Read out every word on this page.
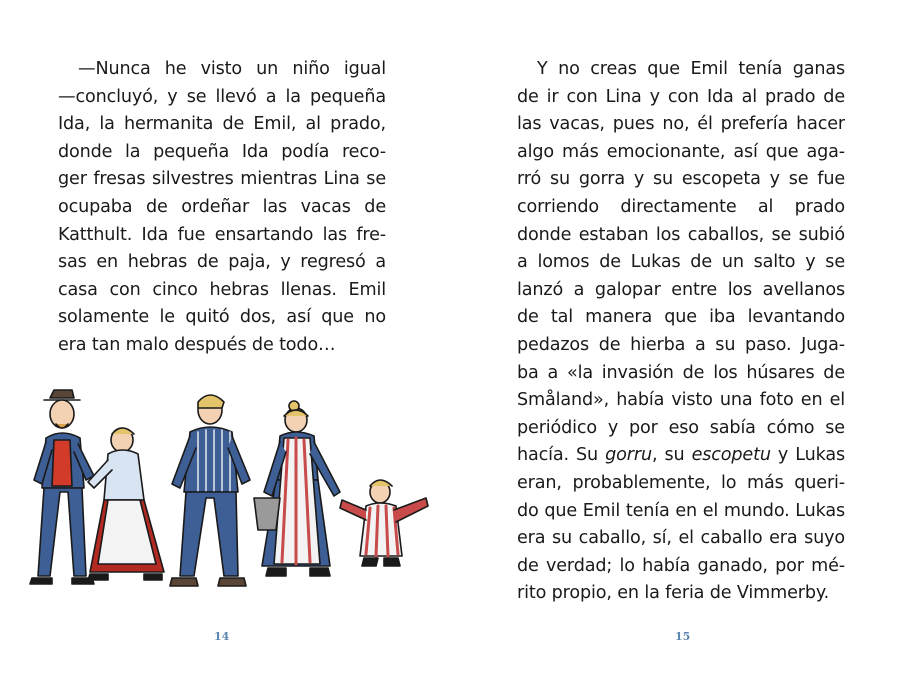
—Nunca he visto un niño igual
—concluyó, y se llevó a la pequeña
Ida, la hermanita de Emil, al prado,
donde la pequeña Ida podía reco-
ger fresas silvestres mientras Lina se
ocupaba de ordeñar las vacas de
Katthult. Ida fue ensartando las fre-
sas en hebras de paja, y regresó a
casa con cinco hebras llenas. Emil
solamente le quitó dos, así que no
era tan malo después de todo…
14
Y no creas que Emil tenía ganas
de ir con Lina y con Ida al prado de
las vacas, pues no, él prefería hacer
algo más emocionante, así que aga-
rró su gorra y su escopeta y se fue
corriendo directamente al prado
donde estaban los caballos, se subió
a lomos de Lukas de un salto y se
lanzó a galopar entre los avellanos
de tal manera que iba levantando
pedazos de hierba a su paso. Juga-
ba a «la invasión de los húsares de
Småland», había visto una foto en el
periódico y por eso sabía cómo se
hacía. Su gorru, su escopetu y Lukas
eran, probablemente, lo más queri-
do que Emil tenía en el mundo. Lukas
era su caballo, sí, el caballo era suyo
de verdad; lo había ganado, por mé-
rito propio, en la feria de Vimmerby.
15
